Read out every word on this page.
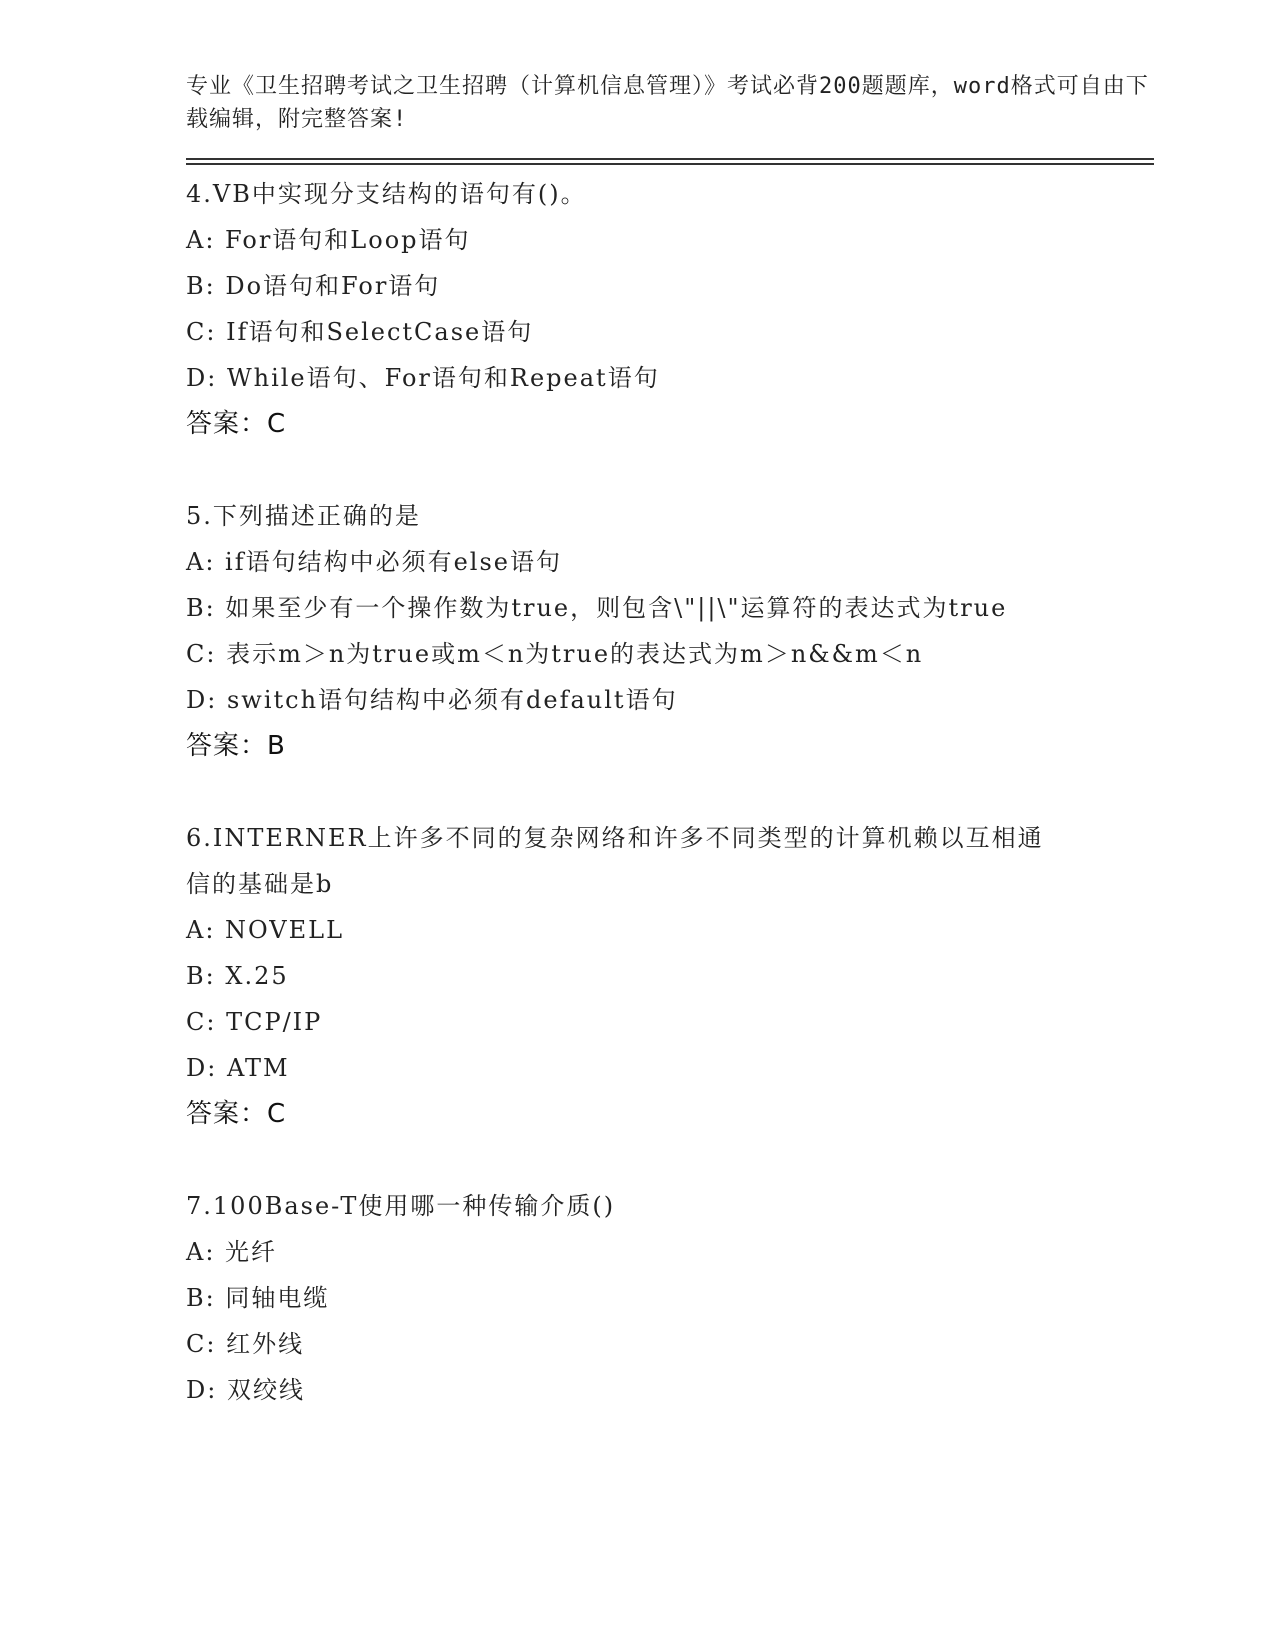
专业《卫生招聘考试之卫生招聘（计算机信息管理）》考试必背200题题库，word格式可自由下载编辑，附完整答案!
4.VB中实现分支结构的语句有()。
A: For语句和Loop语句
B: Do语句和For语句
C: If语句和SelectCase语句
D: While语句、For语句和Repeat语句
答案：C
5.下列描述正确的是
A: if语句结构中必须有else语句
B: 如果至少有一个操作数为true，则包含\"||\"运算符的表达式为true
C: 表示m＞n为true或m＜n为true的表达式为m＞n&&m＜n
D: switch语句结构中必须有default语句
答案：B
6.INTERNER上许多不同的复杂网络和许多不同类型的计算机赖以互相通信的基础是b
A: NOVELL
B: X.25
C: TCP/IP
D: ATM
答案：C
7.100Base-T使用哪一种传输介质()
A: 光纤
B: 同轴电缆
C: 红外线
D: 双绞线
